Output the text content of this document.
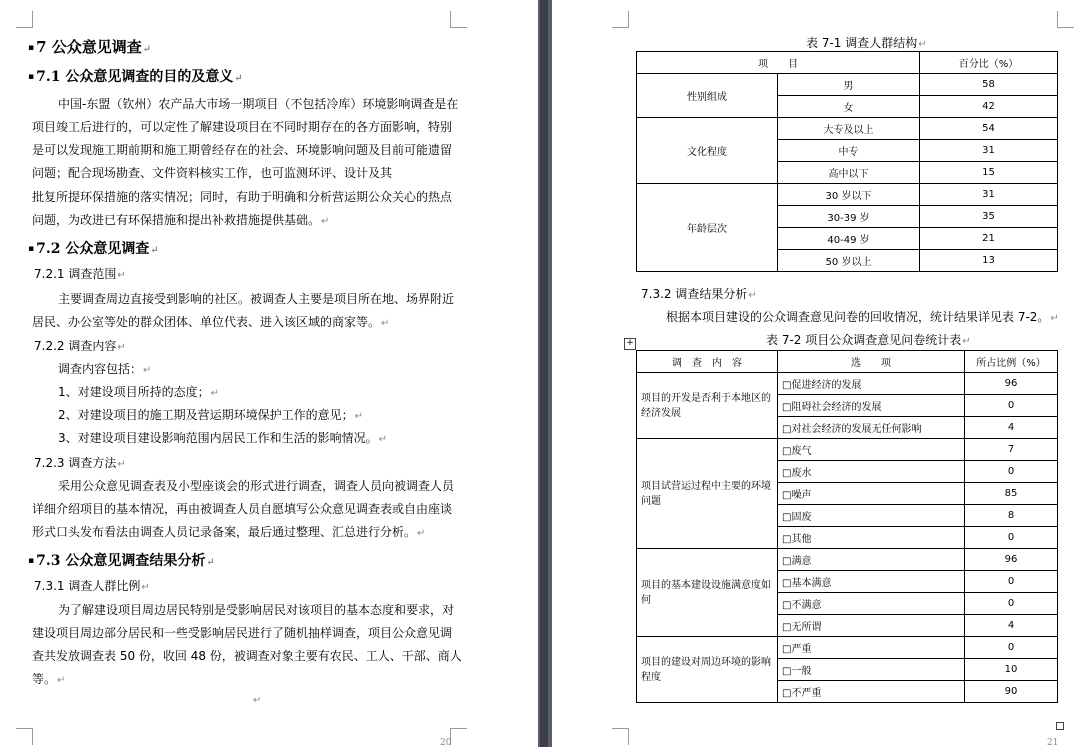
▪ 7 公众意见调查↵
▪ 7.1 公众意见调查的目的及意义↵
中国-东盟（钦州）农产品大市场一期项目（不包括冷库）环境影响调查是在
项目竣工后进行的，可以定性了解建设项目在不同时期存在的各方面影响，特别
是可以发现施工期前期和施工期曾经存在的社会、环境影响问题及目前可能遗留
问题；配合现场勘查、文件资料核实工作，也可监测环评、设计及其
批复所提环保措施的落实情况；同时，有助于明确和分析营运期公众关心的热点
问题，为改进已有环保措施和提出补救措施提供基础。↵
▪ 7.2 公众意见调查↵
7.2.1 调查范围↵
主要调查周边直接受到影响的社区。被调查人主要是项目所在地、场界附近
居民、办公室等处的群众团体、单位代表、进入该区域的商家等。↵
7.2.2 调查内容↵
调查内容包括：↵
1、对建设项目所持的态度；↵
2、对建设项目的施工期及营运期环境保护工作的意见；↵
3、对建设项目建设影响范围内居民工作和生活的影响情况。↵
7.2.3 调查方法↵
采用公众意见调查表及小型座谈会的形式进行调查，调查人员向被调查人员
详细介绍项目的基本情况，再由被调查人员自愿填写公众意见调查表或自由座谈
形式口头发布看法由调查人员记录备案，最后通过整理、汇总进行分析。↵
▪ 7.3 公众意见调查结果分析↵
7.3.1 调查人群比例↵
为了解建设项目周边居民特别是受影响居民对该项目的基本态度和要求，对
建设项目周边部分居民和一些受影响居民进行了随机抽样调查，项目公众意见调
查共发放调查表 50 份，收回 48 份，被调查对象主要有农民、工人、干部、商人
等。↵
↵
20
表 7-1 调查人群结构↵
项　　目		百分比（%）
性别组成	男	58
	女	42
文化程度	大专及以上	54
	中专	31
	高中以下	15
年龄层次	30 岁以下	31
	30-39 岁	35
	40-49 岁	21
	50 岁以上	13
7.3.2 调查结果分析↵
根据本项目建设的公众调查意见问卷的回收情况，统计结果详见表 7-2。↵
+	表 7-2 项目公众调查意见问卷统计表↵
调　查　内　容	选　　项	所占比例（%）
项目的开发是否利于本地区的经济发展	□促进经济的发展	96
	□阻碍社会经济的发展	0
	□对社会经济的发展无任何影响	4
项目试营运过程中主要的环境问题	□废气	7
	□废水	0
	□噪声	85
	□固废	8
	□其他	0
项目的基本建设设施满意度如何	□满意	96
	□基本满意	0
	□不满意	0
	□无所谓	4
项目的建设对周边环境的影响程度	□严重	0
	□一般	10
	□不严重	90
21
